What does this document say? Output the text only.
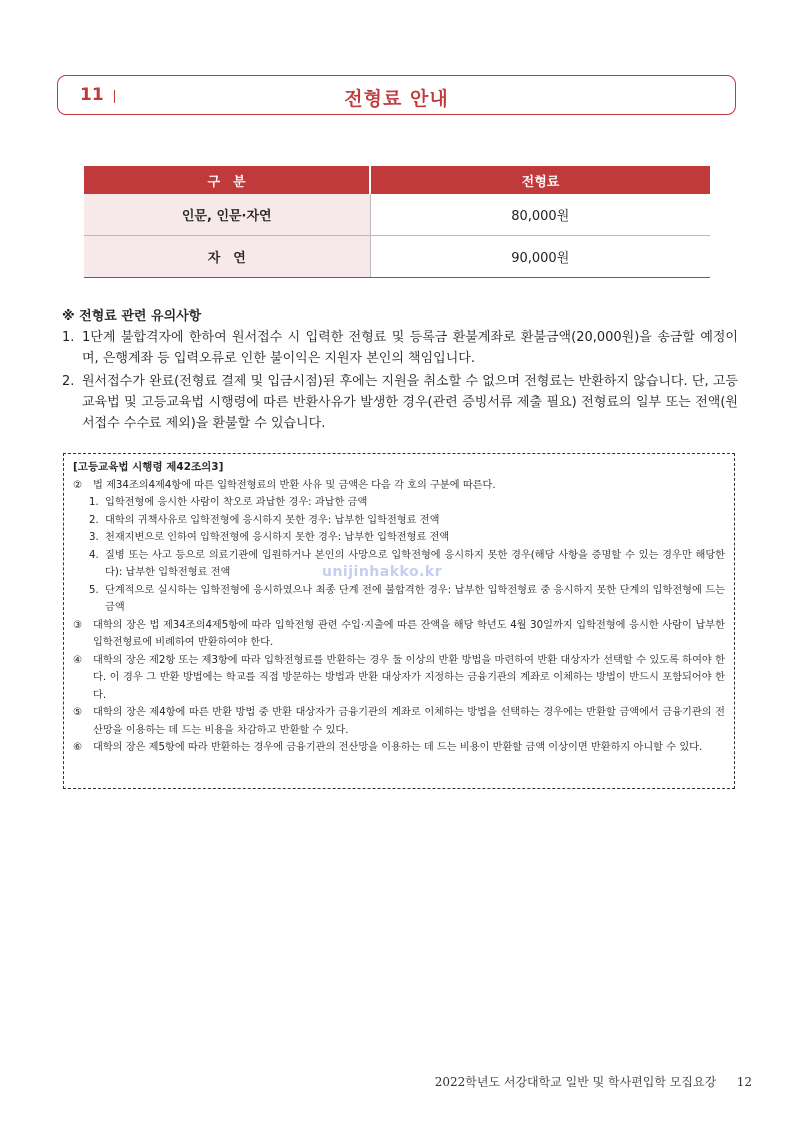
11	전형료 안내
구　분	전형료
인문, 인문·자연	80,000원
자　연	90,000원
※ 전형료 관련 유의사항
1. 1단계 불합격자에 한하여 원서접수 시 입력한 전형료 및 등록금 환불계좌로 환불금액(20,000원)을 송금할 예정이며, 은행계좌 등 입력오류로 인한 불이익은 지원자 본인의 책임입니다.
2. 원서접수가 완료(전형료 결제 및 입금시점)된 후에는 지원을 취소할 수 없으며 전형료는 반환하지 않습니다. 단, 고등교육법 및 고등교육법 시행령에 따른 반환사유가 발생한 경우(관련 증빙서류 제출 필요) 전형료의 일부 또는 전액(원서접수 수수료 제외)을 환불할 수 있습니다.
[고등교육법 시행령 제42조의3]
②	법 제34조의4제4항에 따른 입학전형료의 반환 사유 및 금액은 다음 각 호의 구분에 따른다.
1. 입학전형에 응시한 사람이 착오로 과납한 경우: 과납한 금액
2. 대학의 귀책사유로 입학전형에 응시하지 못한 경우: 납부한 입학전형료 전액
3. 천재지변으로 인하여 입학전형에 응시하지 못한 경우: 납부한 입학전형료 전액
4. 질병 또는 사고 등으로 의료기관에 입원하거나 본인의 사망으로 입학전형에 응시하지 못한 경우(해당 사항을 증명할 수 있는 경우만 해당한다): 납부한 입학전형료 전액
5. 단계적으로 실시하는 입학전형에 응시하였으나 최종 단계 전에 불합격한 경우: 납부한 입학전형료 중 응시하지 못한 단계의 입학전형에 드는 금액
③	대학의 장은 법 제34조의4제5항에 따라 입학전형 관련 수입·지출에 따른 잔액을 해당 학년도 4월 30일까지 입학전형에 응시한 사람이 납부한 입학전형료에 비례하여 반환하여야 한다.
④	대학의 장은 제2항 또는 제3항에 따라 입학전형료를 반환하는 경우 둘 이상의 반환 방법을 마련하여 반환 대상자가 선택할 수 있도록 하여야 한다. 이 경우 그 반환 방법에는 학교를 직접 방문하는 방법과 반환 대상자가 지정하는 금융기관의 계좌로 이체하는 방법이 반드시 포함되어야 한다.
⑤	대학의 장은 제4항에 따른 반환 방법 중 반환 대상자가 금융기관의 계좌로 이체하는 방법을 선택하는 경우에는 반환할 금액에서 금융기관의 전산망을 이용하는 데 드는 비용을 차감하고 반환할 수 있다.
⑥	대학의 장은 제5항에 따라 반환하는 경우에 금융기관의 전산망을 이용하는 데 드는 비용이 반환할 금액 이상이면 반환하지 아니할 수 있다.
unijinhakko.kr
2022학년도 서강대학교 일반 및 학사편입학 모집요강 12
